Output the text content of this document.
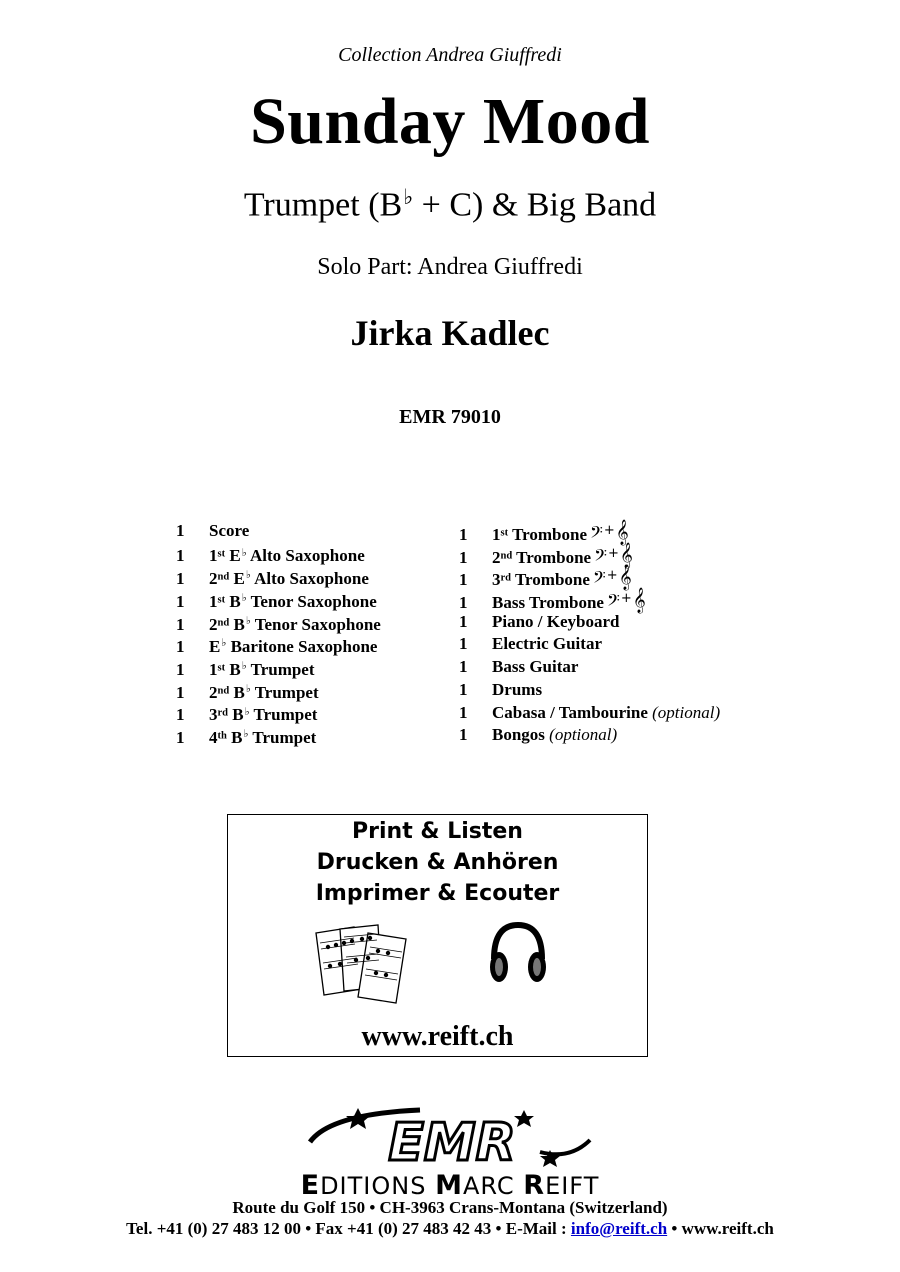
Collection Andrea Giuffredi
Sunday Mood
Trumpet (B♭ + C) & Big Band
Solo Part: Andrea Giuffredi
Jirka Kadlec
EMR 79010
1 Score
1 1st E♭ Alto Saxophone
1 2nd E♭ Alto Saxophone
1 1st B♭ Tenor Saxophone
1 2nd B♭ Tenor Saxophone
1 E♭ Baritone Saxophone
1 1st B♭ Trumpet
1 2nd B♭ Trumpet
1 3rd B♭ Trumpet
1 4th B♭ Trumpet
1 1st Trombone 𝄢+𝄞
1 2nd Trombone 𝄢+𝄞
1 3rd Trombone 𝄢+𝄞
1 Bass Trombone 𝄢+𝄞
1 Piano / Keyboard
1 Electric Guitar
1 Bass Guitar
1 Drums
1 Cabasa / Tambourine (optional)
1 Bongos (optional)
Print & Listen
Drucken & Anhören
Imprimer & Ecouter
www.reift.ch
EMR
EDITIONS MARC REIFT
Route du Golf 150 • CH-3963 Crans-Montana (Switzerland)
Tel. +41 (0) 27 483 12 00 • Fax +41 (0) 27 483 42 43 • E-Mail : info@reift.ch • www.reift.ch
